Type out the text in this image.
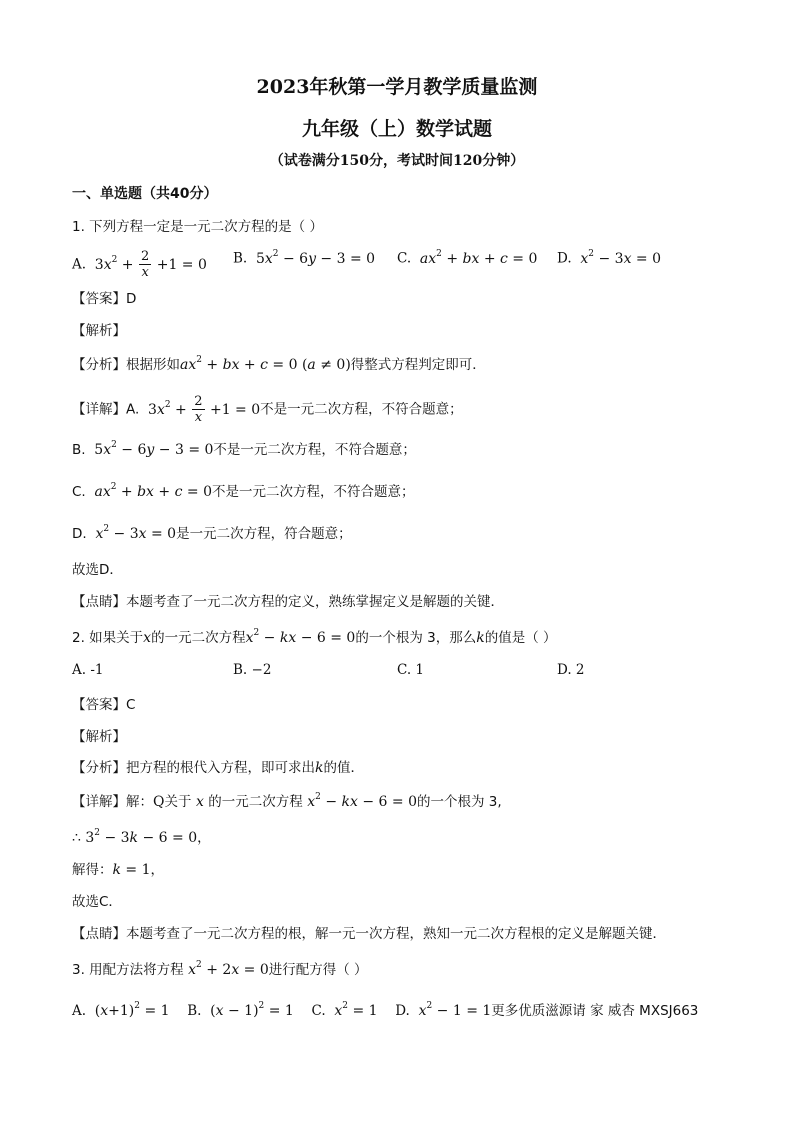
2023年秋第一学月教学质量监测
九年级（上）数学试题
（试卷满分150分，考试时间120分钟）
一、单选题（共40分）
1. 下列方程一定是一元二次方程的是（ ）
A.  $3x^2 + \frac{2}{x} +1 = 0$ B.  $5x^2 - 6y - 3 = 0$ C. $ax^2$ + bx + c = 0 D. $x^2 - 3x = 0$
【答案】D
【解析】
【分析】根据形如$ax^2$ + bx + c = 0 (a ≠ 0)得整式方程判定即可．
【详解】A.  $3x^2 + \frac{2}{x} +1 = 0$不是一元二次方程，不符合题意；
B.  $5x^2 - 6y - 3 = 0$不是一元二次方程，不符合题意；
C. $ax^2$ + bx + c = 0不是一元二次方程，不符合题意；
D. $x^2 - 3x = 0$是一元二次方程，符合题意；
故选D．
【点睛】本题考查了一元二次方程的定义，熟练掌握定义是解题的关键．
2. 如果关于x的一元二次方程$x^2$ − kx − 6 = 0的一个根为 3，那么k的值是（ ）
A. -1	B. −2	C. 1	D. 2
【答案】C
【解析】
【分析】把方程的根代入方程，即可求出k的值．
【详解】解：Q关于 x 的一元二次方程 $x^2$ − kx − 6 = 0的一个根为 3,
∴ $3^2 - 3k - 6 = 0$，
解得：k = 1，
故选C．
【点睛】本题考查了一元二次方程的根，解一元一次方程，熟知一元二次方程根的定义是解题关键．
3. 用配方法将方程 $x^2 + 2x = 0$进行配方得（ ）
A.  $(x+1)^2 = 1$    B.  $(x - 1)^2 = 1$    C. $x^2 = 1$    D. $x^2 - 1 = 1$更多优质滋源请 家 威杏 MXSJ663
